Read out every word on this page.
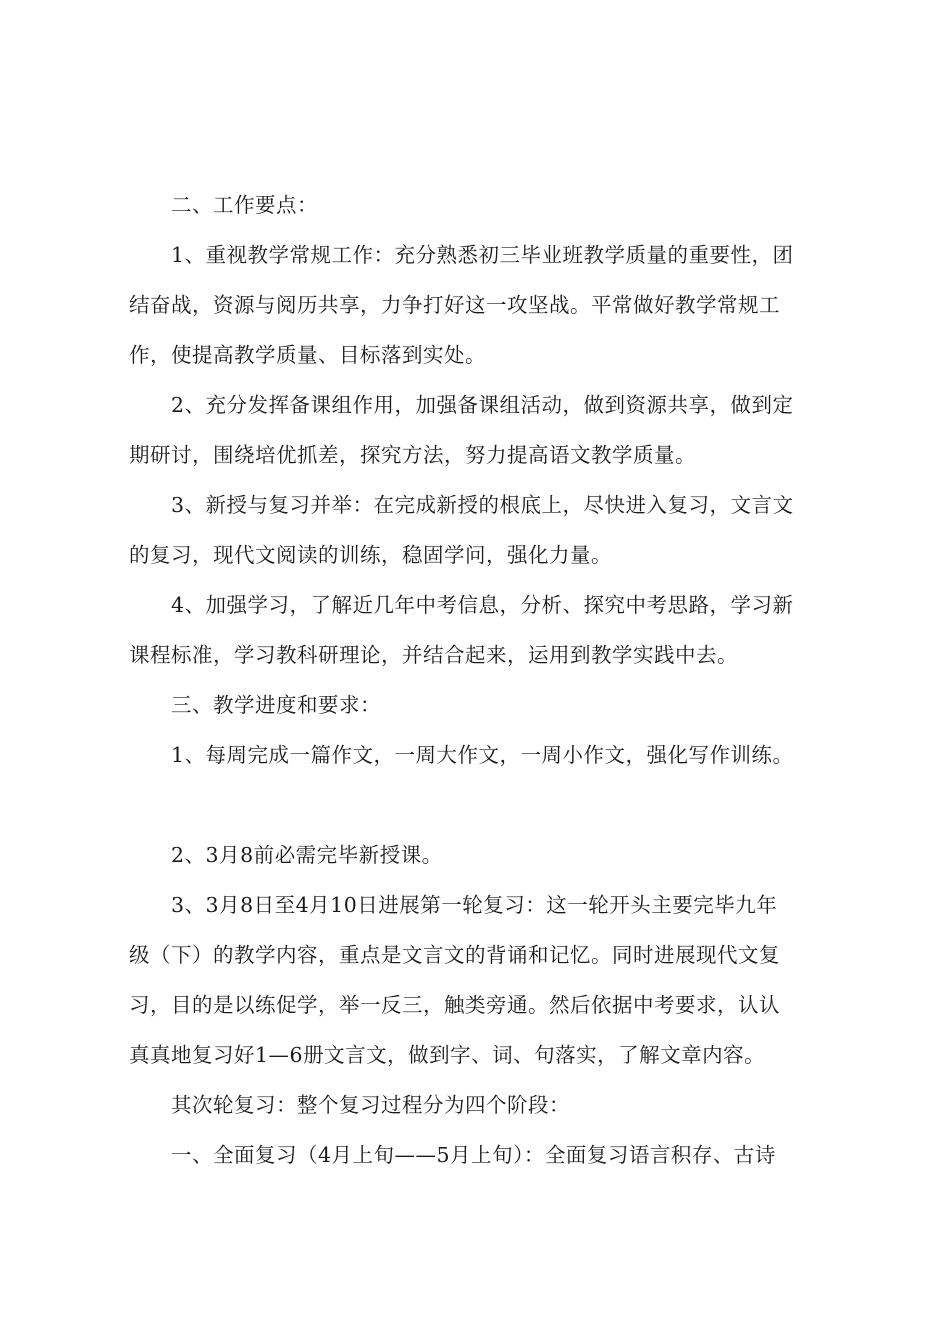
二、工作要点：

1、重视教学常规工作：充分熟悉初三毕业班教学质量的重要性，团
结奋战，资源与阅历共享，力争打好这一攻坚战。平常做好教学常规工
作，使提高教学质量、目标落到实处。

2、充分发挥备课组作用，加强备课组活动，做到资源共享，做到定
期研讨，围绕培优抓差，探究方法，努力提高语文教学质量。

3、新授与复习并举：在完成新授的根底上，尽快进入复习，文言文
的复习，现代文阅读的训练，稳固学问，强化力量。

4、加强学习，了解近几年中考信息，分析、探究中考思路，学习新
课程标准，学习教科研理论，并结合起来，运用到教学实践中去。

三、教学进度和要求：

1、每周完成一篇作文，一周大作文，一周小作文，强化写作训练。

2、3月8前必需完毕新授课。

3、3月8日至4月10日进展第一轮复习：这一轮开头主要完毕九年
级（下）的教学内容，重点是文言文的背诵和记忆。同时进展现代文复
习，目的是以练促学，举一反三，触类旁通。然后依据中考要求，认认
真真地复习好1—6册文言文，做到字、词、句落实，了解文章内容。

其次轮复习：整个复习过程分为四个阶段：

一、全面复习（4月上旬——5月上旬）：全面复习语言积存、古诗
